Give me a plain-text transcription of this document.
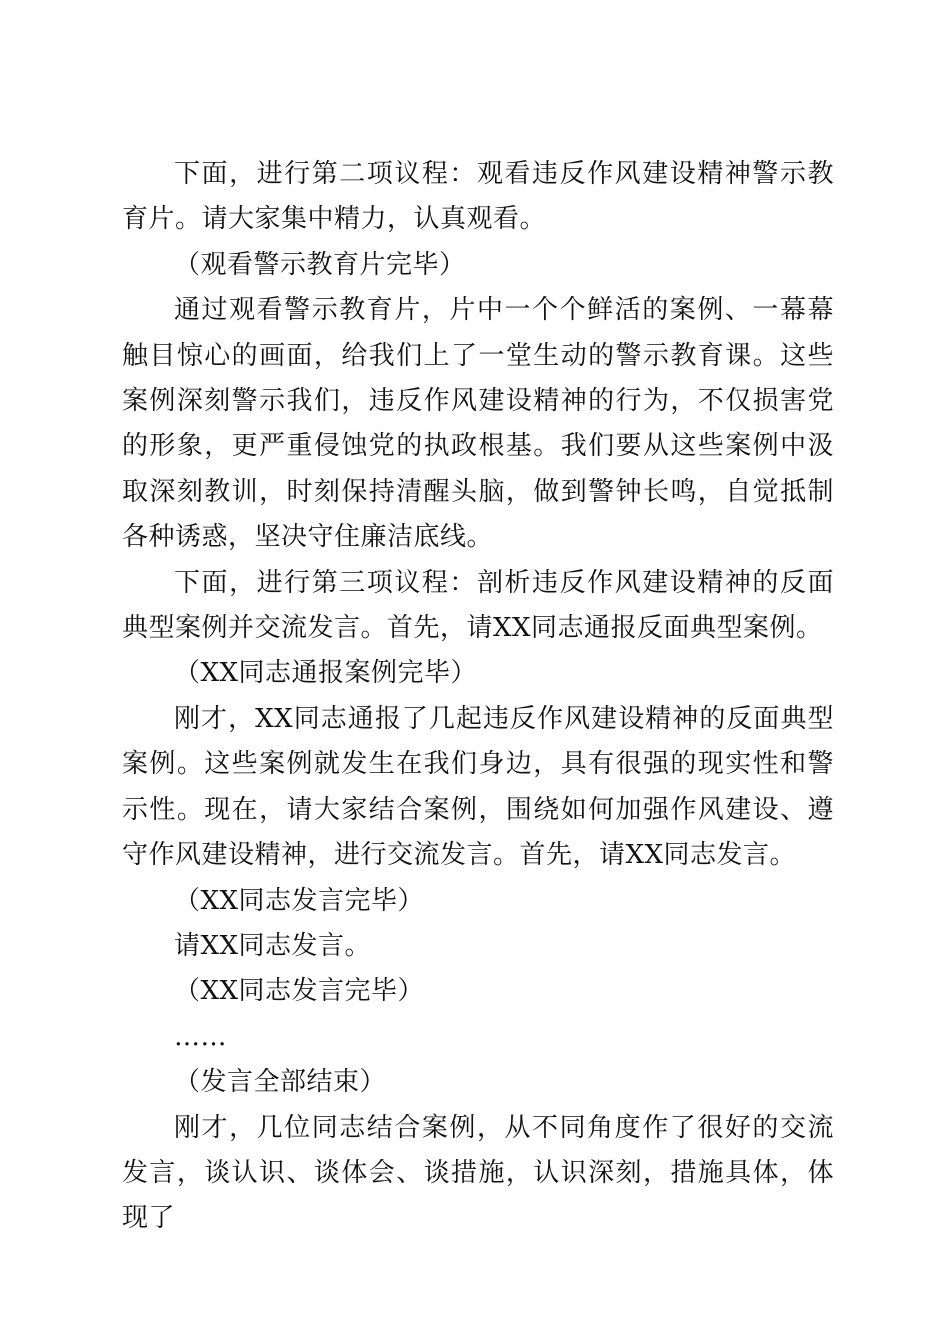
下面，进行第二项议程：观看违反作风建设精神警示教育片。请大家集中精力，认真观看。

（观看警示教育片完毕）

通过观看警示教育片，片中一个个鲜活的案例、一幕幕触目惊心的画面，给我们上了一堂生动的警示教育课。这些案例深刻警示我们，违反作风建设精神的行为，不仅损害党的形象，更严重侵蚀党的执政根基。我们要从这些案例中汲取深刻教训，时刻保持清醒头脑，做到警钟长鸣，自觉抵制各种诱惑，坚决守住廉洁底线。

下面，进行第三项议程：剖析违反作风建设精神的反面典型案例并交流发言。首先，请XX同志通报反面典型案例。

（XX同志通报案例完毕）

刚才，XX同志通报了几起违反作风建设精神的反面典型案例。这些案例就发生在我们身边，具有很强的现实性和警示性。现在，请大家结合案例，围绕如何加强作风建设、遵守作风建设精神，进行交流发言。首先，请XX同志发言。

（XX同志发言完毕）

请XX同志发言。

（XX同志发言完毕）

……

（发言全部结束）

刚才，几位同志结合案例，从不同角度作了很好的交流发言，谈认识、谈体会、谈措施，认识深刻，措施具体，体现了
